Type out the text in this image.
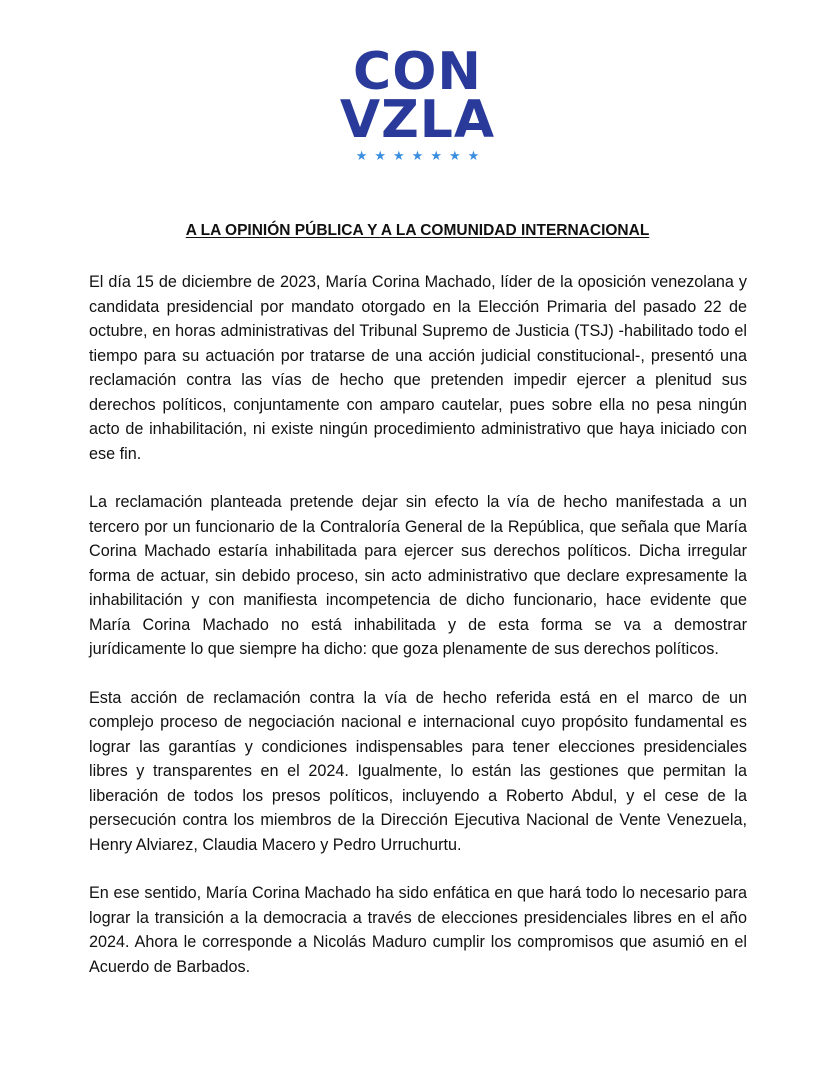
CON
VZLA
★★★★★★★
A LA OPINIÓN PÚBLICA Y A LA COMUNIDAD INTERNACIONAL

El día 15 de diciembre de 2023, María Corina Machado, líder de la oposición venezolana y candidata presidencial por mandato otorgado en la Elección Primaria del pasado 22 de octubre, en horas administrativas del Tribunal Supremo de Justicia (TSJ) -habilitado todo el tiempo para su actuación por tratarse de una acción judicial constitucional-, presentó una reclamación contra las vías de hecho que pretenden impedir ejercer a plenitud sus derechos políticos, conjuntamente con amparo cautelar, pues sobre ella no pesa ningún acto de inhabilitación, ni existe ningún procedimiento administrativo que haya iniciado con ese fin.

La reclamación planteada pretende dejar sin efecto la vía de hecho manifestada a un tercero por un funcionario de la Contraloría General de la República, que señala que María Corina Machado estaría inhabilitada para ejercer sus derechos políticos. Dicha irregular forma de actuar, sin debido proceso, sin acto administrativo que declare expresamente la inhabilitación y con manifiesta incompetencia de dicho funcionario, hace evidente que María Corina Machado no está inhabilitada y de esta forma se va a demostrar jurídicamente lo que siempre ha dicho: que goza plenamente de sus derechos políticos.

Esta acción de reclamación contra la vía de hecho referida está en el marco de un complejo proceso de negociación nacional e internacional cuyo propósito fundamental es lograr las garantías y condiciones indispensables para tener elecciones presidenciales libres y transparentes en el 2024. Igualmente, lo están las gestiones que permitan la liberación de todos los presos políticos, incluyendo a Roberto Abdul, y el cese de la persecución contra los miembros de la Dirección Ejecutiva Nacional de Vente Venezuela, Henry Alviarez, Claudia Macero y Pedro Urruchurtu.

En ese sentido, María Corina Machado ha sido enfática en que hará todo lo necesario para lograr la transición a la democracia a través de elecciones presidenciales libres en el año 2024. Ahora le corresponde a Nicolás Maduro cumplir los compromisos que asumió en el Acuerdo de Barbados.
